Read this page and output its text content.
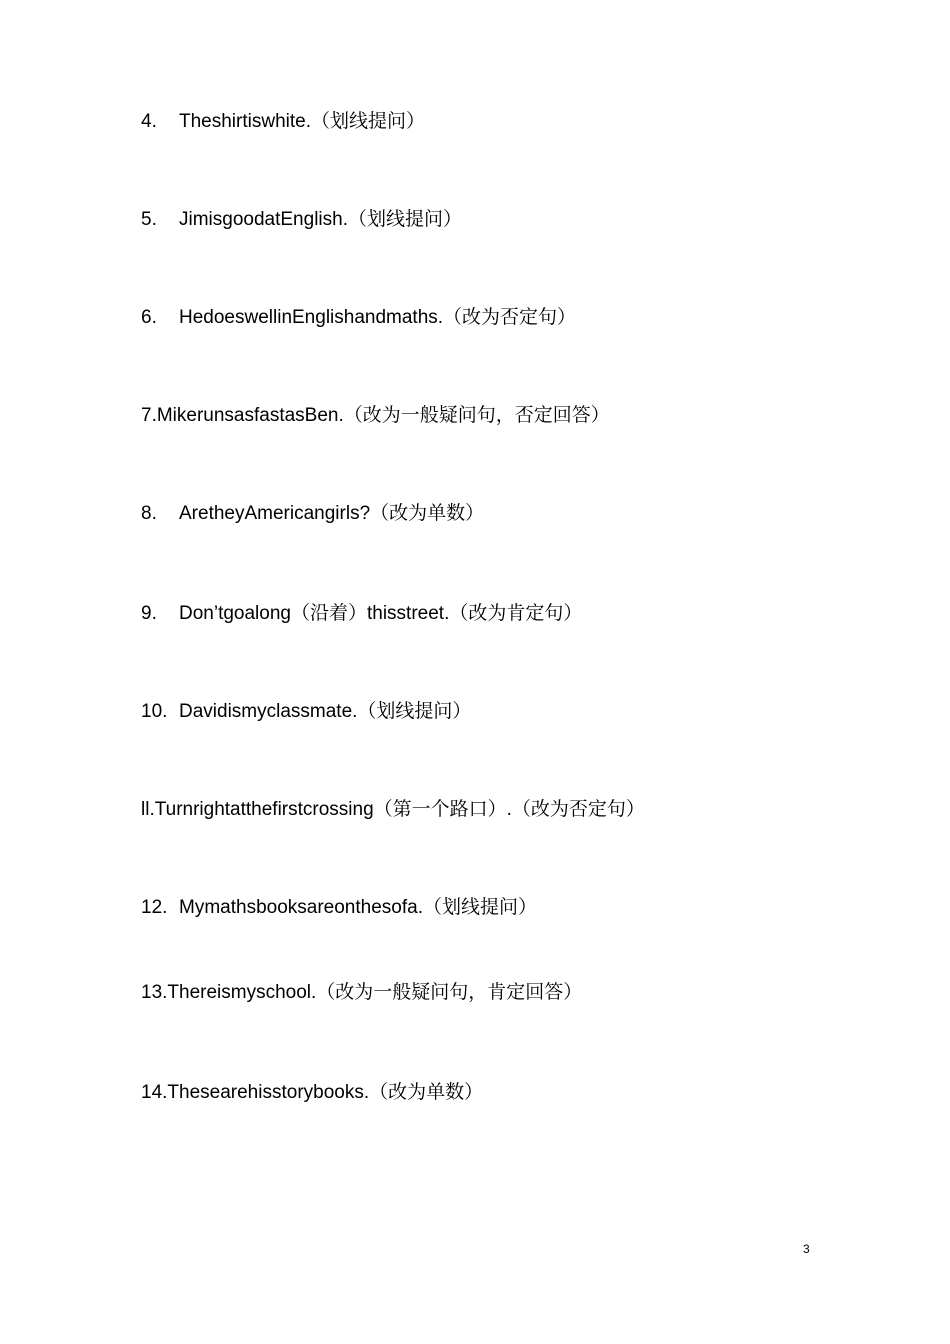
4. Theshirtiswhite.（划线提问）
5. JimisgoodatEnglish.（划线提问）
6. HedoeswellinEnglishandmaths.（改为否定句）
7.MikerunsasfastasBen.（改为一般疑问句，否定回答）
8. AretheyAmericangirls?（改为单数）
9. Don’tgoalong（沿着）thisstreet.（改为肯定句）
10. Davidismyclassmate.（划线提问）
ll.Turnrightatthefirstcrossing（第一个路口）.（改为否定句）
12. Mymathsbooksareonthesofa.（划线提问）
13.Thereismyschool.（改为一般疑问句，肯定回答）
14.Thesearehisstorybooks.（改为单数）
3
